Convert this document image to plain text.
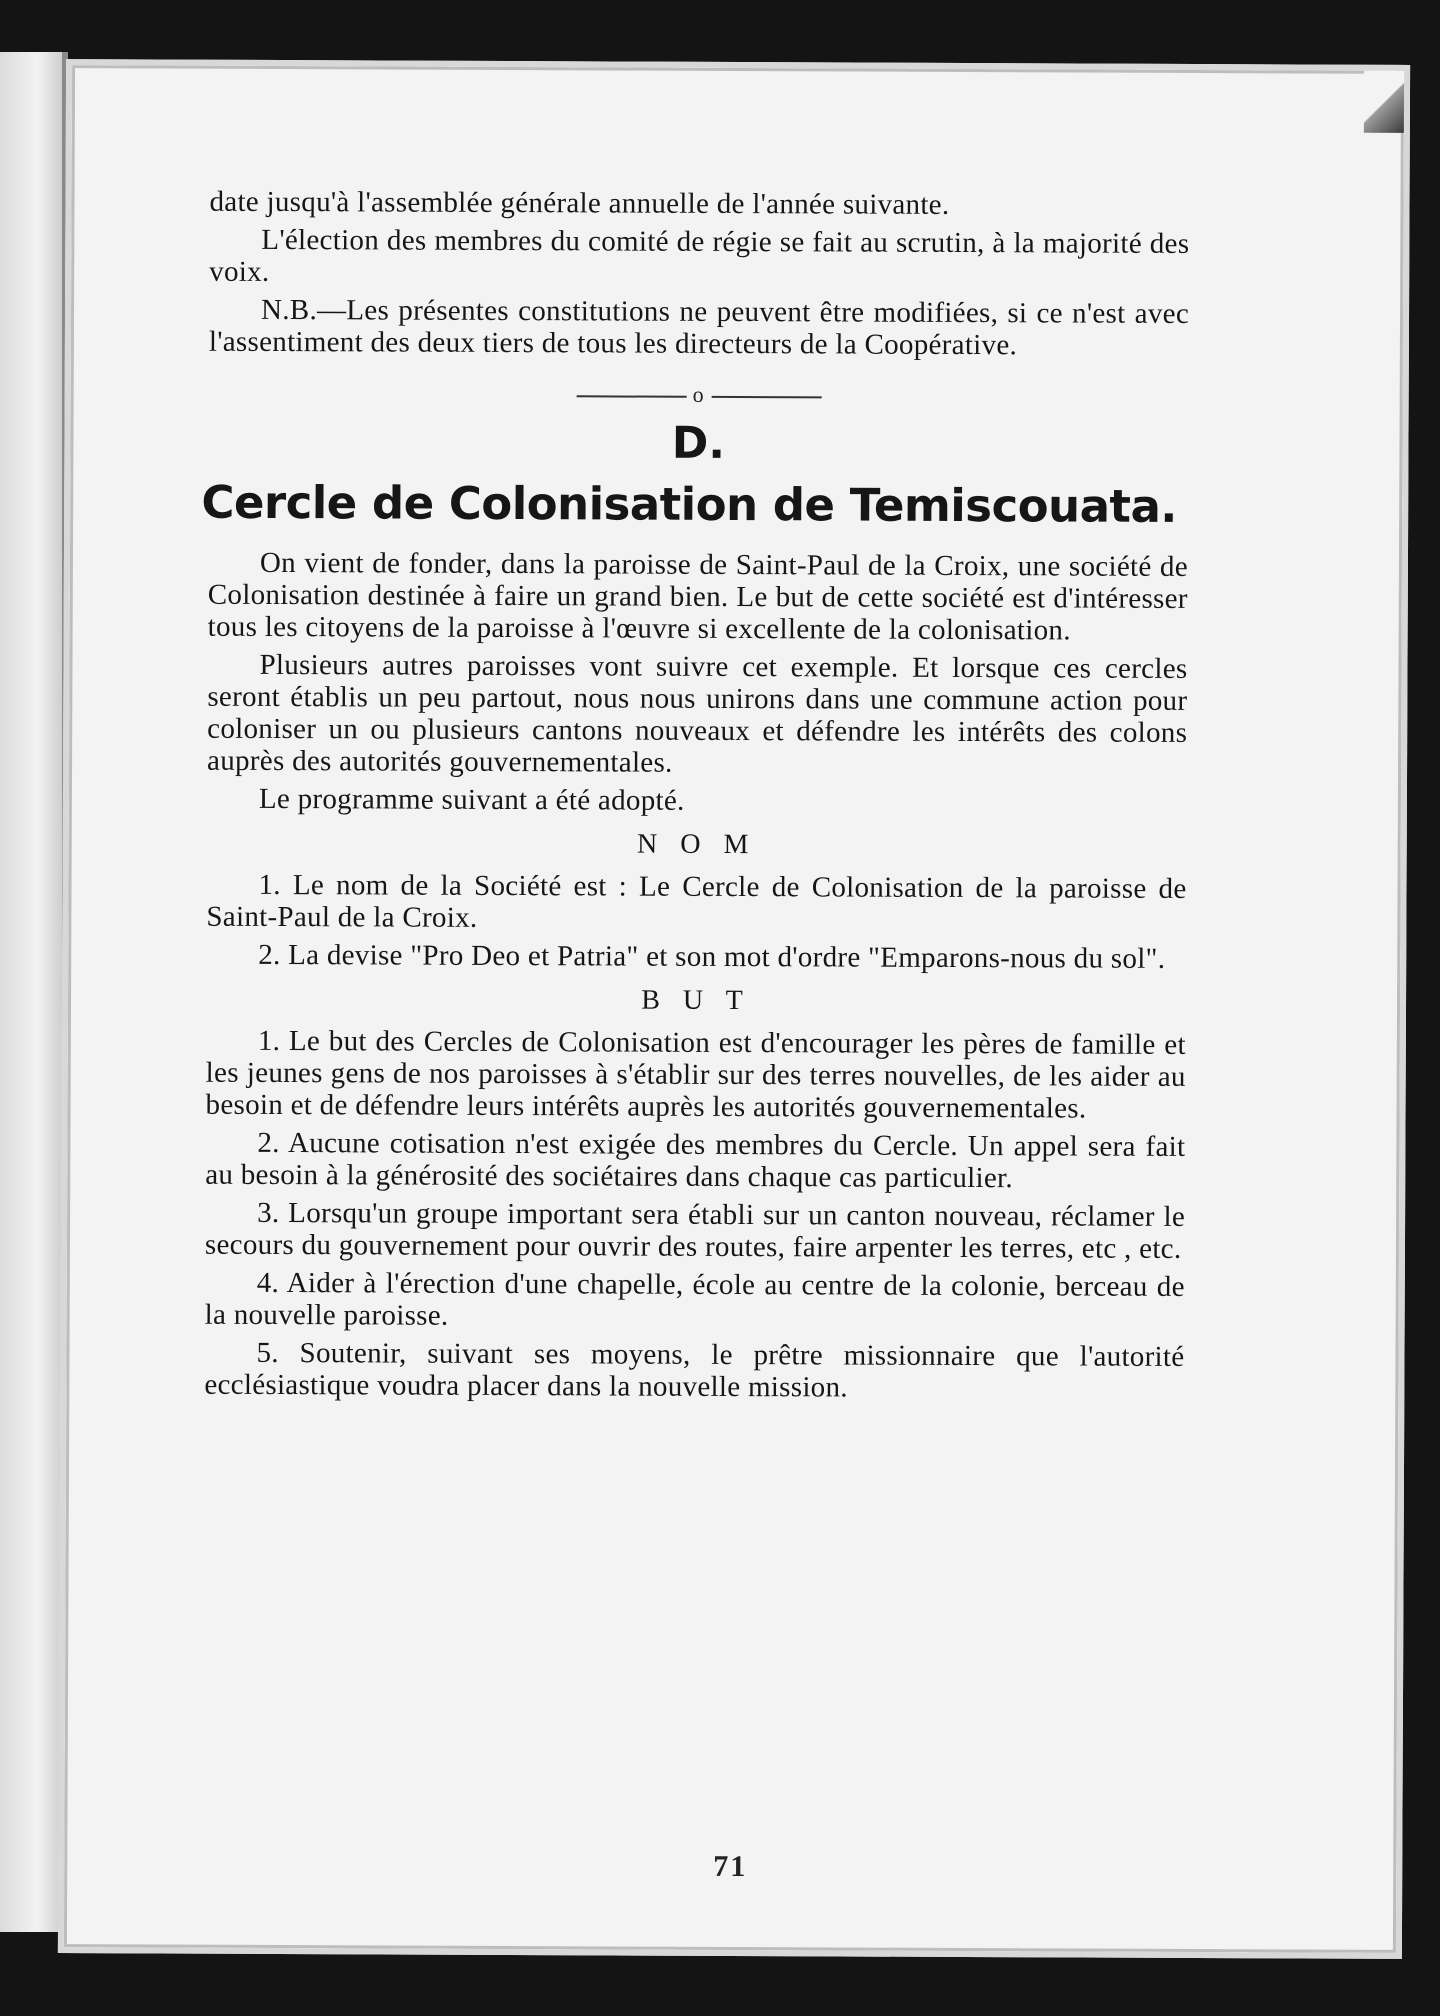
date jusqu'à l'assemblée générale annuelle de l'année suivante.

L'élection des membres du comité de régie se fait au scrutin, à la majorité des voix.

N.B.—Les présentes constitutions ne peuvent être modifiées, si ce n'est avec l'assentiment des deux tiers de tous les directeurs de la Coopérative.

o
D.
Cercle de Colonisation de Temiscouata.

On vient de fonder, dans la paroisse de Saint-Paul de la Croix, une société de Colonisation destinée à faire un grand bien. Le but de cette société est d'intéresser tous les citoyens de la paroisse à l'œuvre si excellente de la colonisation.

Plusieurs autres paroisses vont suivre cet exemple. Et lorsque ces cercles seront établis un peu partout, nous nous unirons dans une commune action pour coloniser un ou plusieurs cantons nouveaux et défendre les intérêts des colons auprès des autorités gouvernementales.

Le programme suivant a été adopté.

N O M

1. Le nom de la Société est : Le Cercle de Colonisation de la paroisse de Saint-Paul de la Croix.

2. La devise "Pro Deo et Patria" et son mot d'ordre "Emparons-nous du sol".

B U T

1. Le but des Cercles de Colonisation est d'encourager les pères de famille et les jeunes gens de nos paroisses à s'établir sur des terres nouvelles, de les aider au besoin et de défendre leurs intérêts auprès les autorités gouvernementales.

2. Aucune cotisation n'est exigée des membres du Cercle. Un appel sera fait au besoin à la générosité des sociétaires dans chaque cas particulier.

3. Lorsqu'un groupe important sera établi sur un canton nouveau, réclamer le secours du gouvernement pour ouvrir des routes, faire arpenter les terres, etc , etc.

4. Aider à l'érection d'une chapelle, école au centre de la colonie, berceau de la nouvelle paroisse.

5. Soutenir, suivant ses moyens, le prêtre missionnaire que l'autorité ecclésiastique voudra placer dans la nouvelle mission.

71
